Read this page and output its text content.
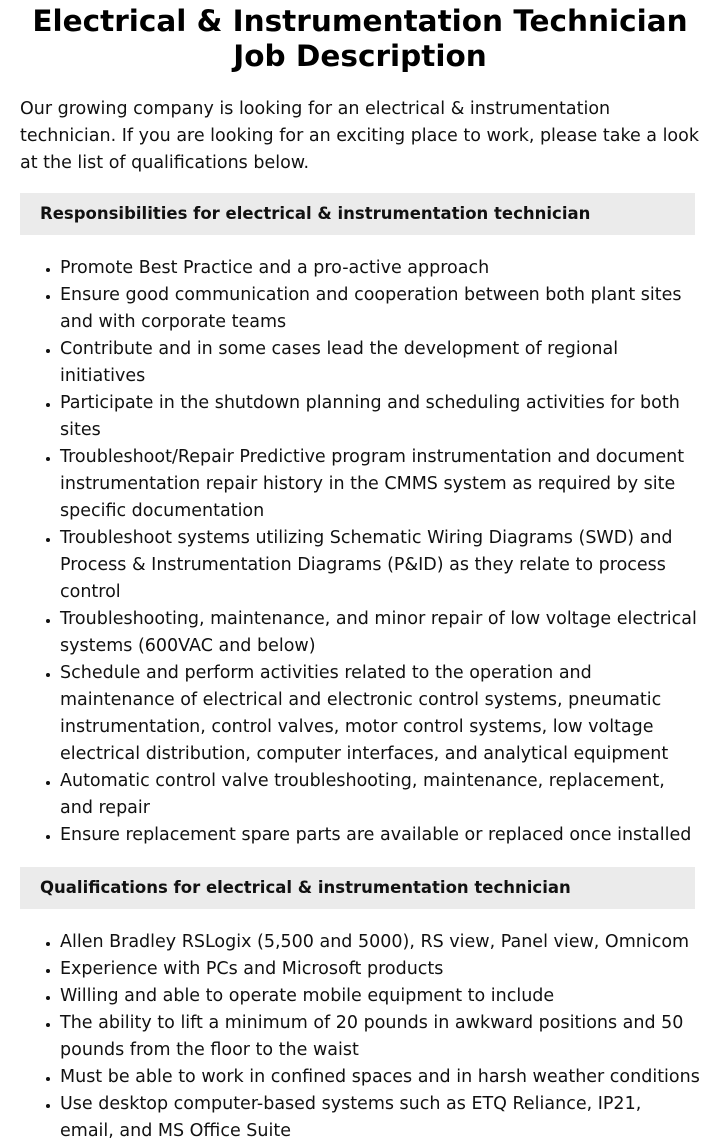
Electrical & Instrumentation Technician Job Description

Our growing company is looking for an electrical & instrumentation technician. If you are looking for an exciting place to work, please take a look at the list of qualifications below.

Responsibilities for electrical & instrumentation technician
• Promote Best Practice and a pro-active approach
• Ensure good communication and cooperation between both plant sites and with corporate teams
• Contribute and in some cases lead the development of regional initiatives
• Participate in the shutdown planning and scheduling activities for both sites
• Troubleshoot/Repair Predictive program instrumentation and document instrumentation repair history in the CMMS system as required by site specific documentation
• Troubleshoot systems utilizing Schematic Wiring Diagrams (SWD) and Process & Instrumentation Diagrams (P&ID) as they relate to process control
• Troubleshooting, maintenance, and minor repair of low voltage electrical systems (600VAC and below)
• Schedule and perform activities related to the operation and maintenance of electrical and electronic control systems, pneumatic instrumentation, control valves, motor control systems, low voltage electrical distribution, computer interfaces, and analytical equipment
• Automatic control valve troubleshooting, maintenance, replacement, and repair
• Ensure replacement spare parts are available or replaced once installed
Qualifications for electrical & instrumentation technician
• Allen Bradley RSLogix (5,500 and 5000), RS view, Panel view, Omnicom
• Experience with PCs and Microsoft products
• Willing and able to operate mobile equipment to include
• The ability to lift a minimum of 20 pounds in awkward positions and 50 pounds from the floor to the waist
• Must be able to work in confined spaces and in harsh weather conditions
• Use desktop computer-based systems such as ETQ Reliance, IP21, email, and MS Office Suite
